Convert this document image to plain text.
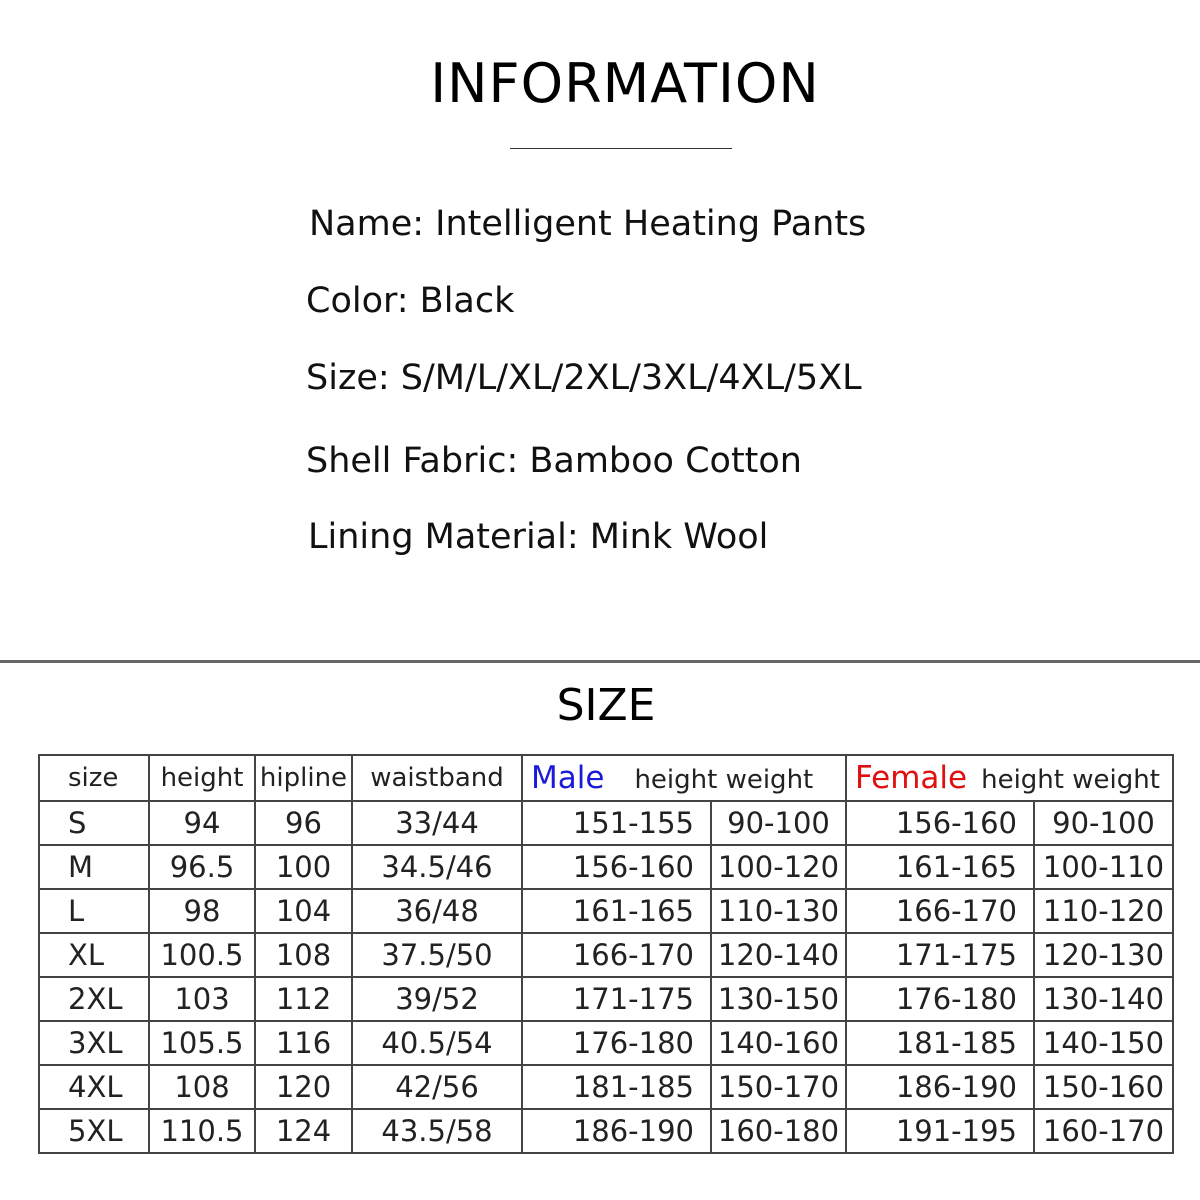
INFORMATION
Name: Intelligent Heating Pants
Color: Black
Size: S/M/L/XL/2XL/3XL/4XL/5XL
Shell Fabric: Bamboo Cotton
Lining Material: Mink Wool
SIZE
size	height	hipline	waistband	Male height weight		Female height weight	
S	94	96	33/44	151-155	90-100	156-160	90-100
M	96.5	100	34.5/46	156-160	100-120	161-165	100-110
L	98	104	36/48	161-165	110-130	166-170	110-120
XL	100.5	108	37.5/50	166-170	120-140	171-175	120-130
2XL	103	112	39/52	171-175	130-150	176-180	130-140
3XL	105.5	116	40.5/54	176-180	140-160	181-185	140-150
4XL	108	120	42/56	181-185	150-170	186-190	150-160
5XL	110.5	124	43.5/58	186-190	160-180	191-195	160-170
